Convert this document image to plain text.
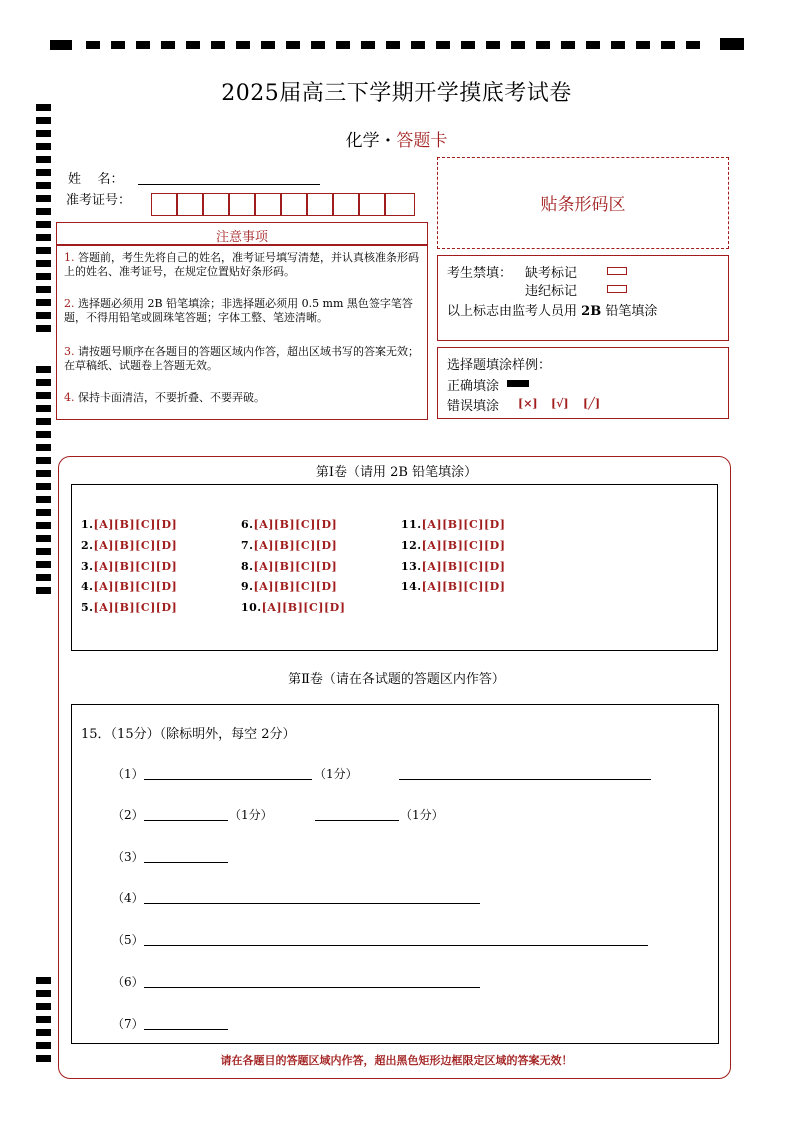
2025届高三下学期开学摸底考试卷
化学 · 答题卡
姓    名：
准考证号：	贴条形码区
注意事项
1. 答题前，考生先将自己的姓名，准考证号填写清楚，并认真核准条形码上的姓名、准考证号，在规定位置贴好条形码。
2. 选择题必须用 2B 铅笔填涂；非选择题必须用 0.5 mm 黑色签字笔答题，不得用铅笔或圆珠笔答题；字体工整、笔迹清晰。
3. 请按题号顺序在各题目的答题区域内作答，超出区域书写的答案无效；在草稿纸、试题卷上答题无效。
4. 保持卡面清洁，不要折叠、不要弄破。
考生禁填： 缺考标记
违纪标记
以上标志由监考人员用 2B 铅笔填涂
选择题填涂样例：
正确填涂
错误填涂 [×] [√] [╱]
第Ⅰ卷（请用 2B 铅笔填涂）
1.[A][B][C][D]
2.[A][B][C][D]
3.[A][B][C][D]
4.[A][B][C][D]
5.[A][B][C][D]
6.[A][B][C][D]
7.[A][B][C][D]
8.[A][B][C][D]
9.[A][B][C][D]
10.[A][B][C][D]
11.[A][B][C][D]
12.[A][B][C][D]
13.[A][B][C][D]
14.[A][B][C][D]
第Ⅱ卷（请在各试题的答题区内作答）
15．（15分）（除标明外，每空 2分）
（1）	（1分）
（2）	（1分）	（1分）
（3）
（4）
（5）
（6）
（7）
请在各题目的答题区域内作答，超出黑色矩形边框限定区域的答案无效！
